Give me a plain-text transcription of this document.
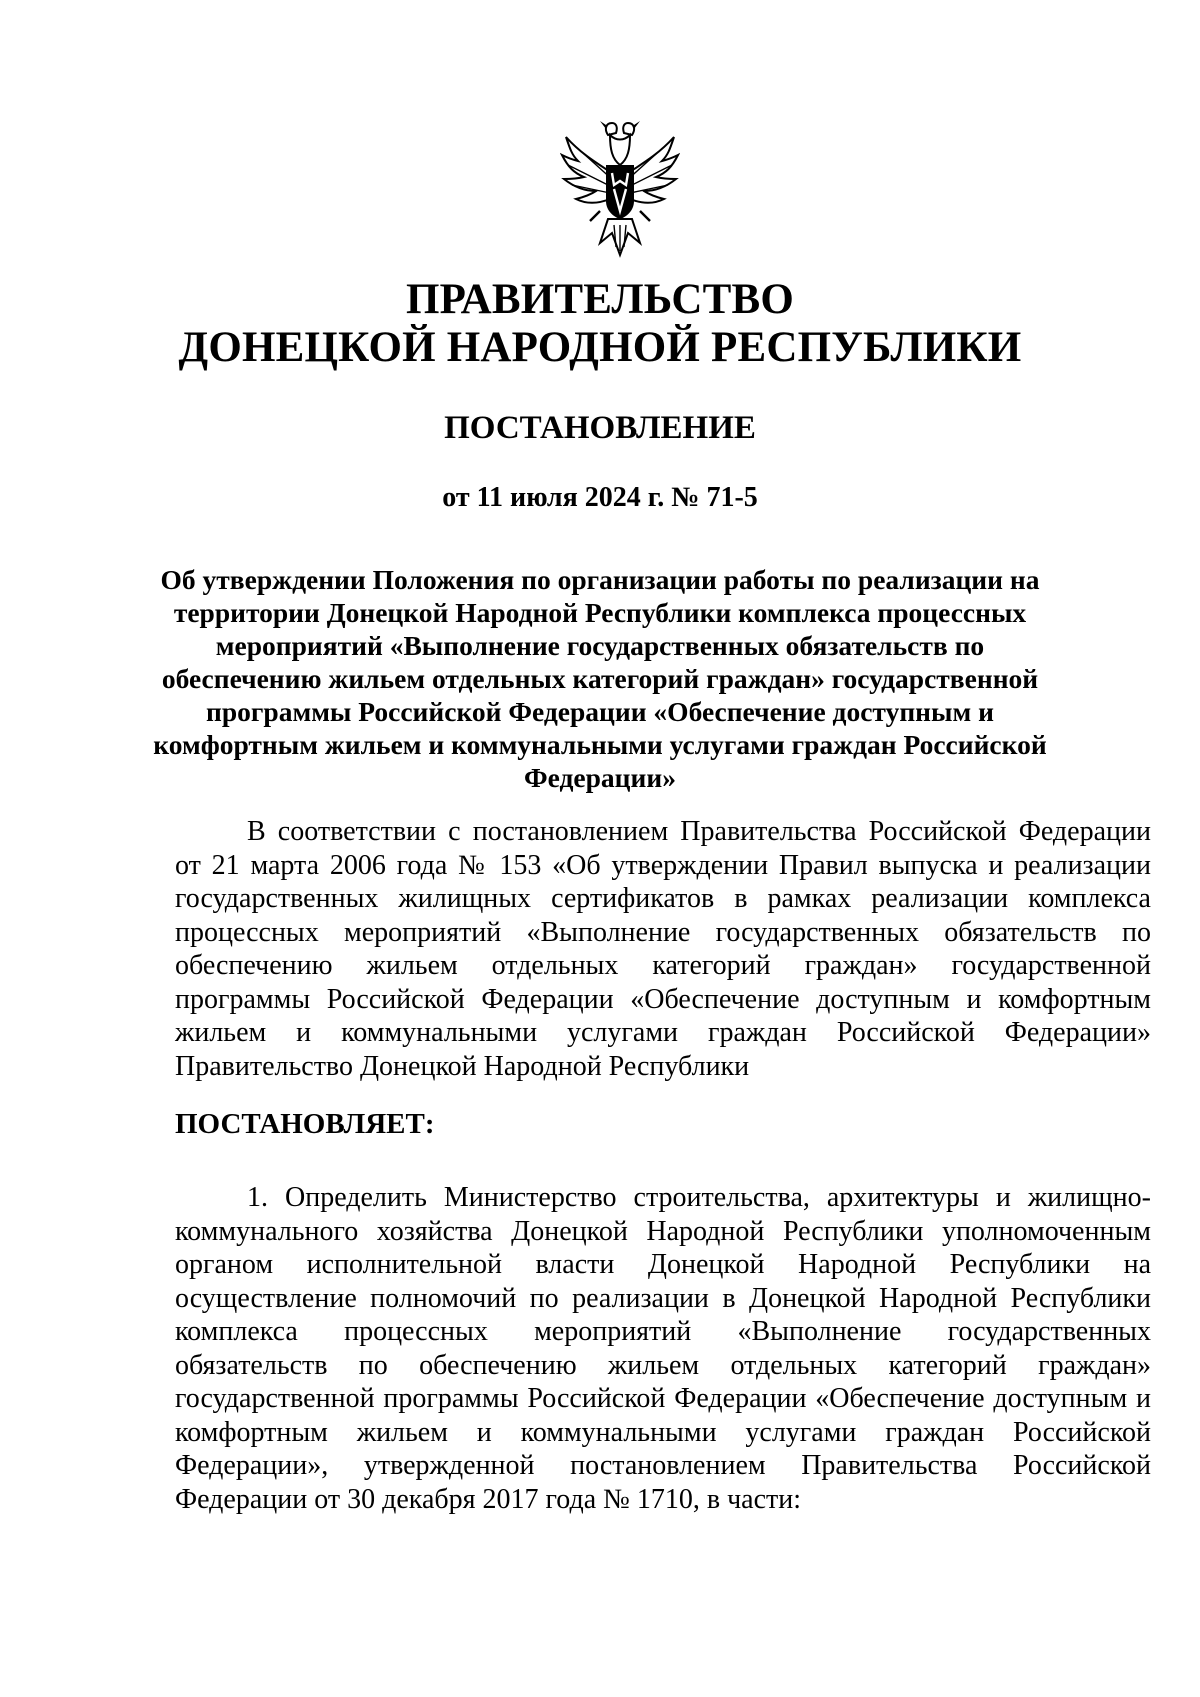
ПРАВИТЕЛЬСТВО
ДОНЕЦКОЙ НАРОДНОЙ РЕСПУБЛИКИ
ПОСТАНОВЛЕНИЕ
от 11 июля 2024 г. № 71-5
Об утверждении Положения по организации работы по реализации на территории Донецкой Народной Республики комплекса процессных мероприятий «Выполнение государственных обязательств по обеспечению жильем отдельных категорий граждан» государственной программы Российской Федерации «Обеспечение доступным и комфортным жильем и коммунальными услугами граждан Российской Федерации»
В соответствии с постановлением Правительства Российской Федерации от 21 марта 2006 года № 153 «Об утверждении Правил выпуска и реализации государственных жилищных сертификатов в рамках реализации комплекса процессных мероприятий «Выполнение государственных обязательств по обеспечению жильем отдельных категорий граждан» государственной программы Российской Федерации «Обеспечение доступным и комфортным жильем и коммунальными услугами граждан Российской Федерации» Правительство Донецкой Народной Республики
ПОСТАНОВЛЯЕТ:
1. Определить Министерство строительства, архитектуры и жилищно-коммунального хозяйства Донецкой Народной Республики уполномоченным органом исполнительной власти Донецкой Народной Республики на осуществление полномочий по реализации в Донецкой Народной Республики комплекса процессных мероприятий «Выполнение государственных обязательств по обеспечению жильем отдельных категорий граждан» государственной программы Российской Федерации «Обеспечение доступным и комфортным жильем и коммунальными услугами граждан Российской Федерации», утвержденной постановлением Правительства Российской Федерации от 30 декабря 2017 года № 1710, в части:
